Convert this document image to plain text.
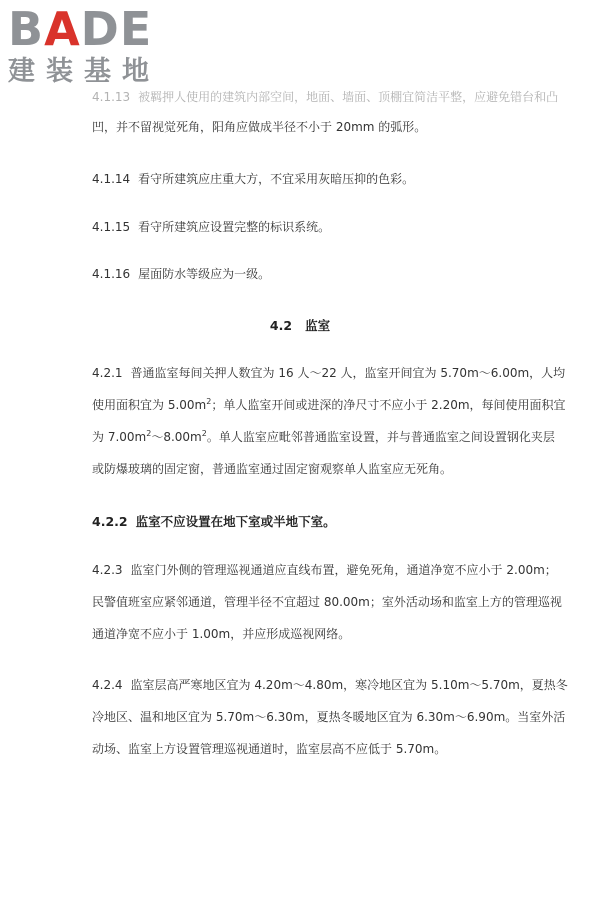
BADE
建装基地
4.1.13 被羁押人使用的建筑内部空间，地面、墙面、顶棚宜简洁平整，应避免错台和凸
凹，并不留视觉死角，阳角应做成半径不小于 20mm 的弧形。
4.1.14 看守所建筑应庄重大方，不宜采用灰暗压抑的色彩。
4.1.15 看守所建筑应设置完整的标识系统。
4.1.16 屋面防水等级应为一级。
4.2 监室
4.2.1 普通监室每间关押人数宜为 16 人～22 人，监室开间宜为 5.70m～6.00m，人均
使用面积宜为 $5.00m^2$；单人监室开间或进深的净尺寸不应小于 2.20m，每间使用面积宜
为 $7.00m^2\sim 8.00m^2$。单人监室应毗邻普通监室设置，并与普通监室之间设置钢化夹层
或防爆玻璃的固定窗，普通监室通过固定窗观察单人监室应无死角。
4.2.2 监室不应设置在地下室或半地下室。
4.2.3 监室门外侧的管理巡视通道应直线布置，避免死角，通道净宽不应小于 2.00m；
民警值班室应紧邻通道，管理半径不宜超过 80.00m；室外活动场和监室上方的管理巡视
通道净宽不应小于 1.00m，并应形成巡视网络。
4.2.4 监室层高严寒地区宜为 4.20m～4.80m，寒冷地区宜为 5.10m～5.70m，夏热冬
冷地区、温和地区宜为 5.70m～6.30m，夏热冬暖地区宜为 6.30m～6.90m。当室外活
动场、监室上方设置管理巡视通道时，监室层高不应低于 5.70m。
